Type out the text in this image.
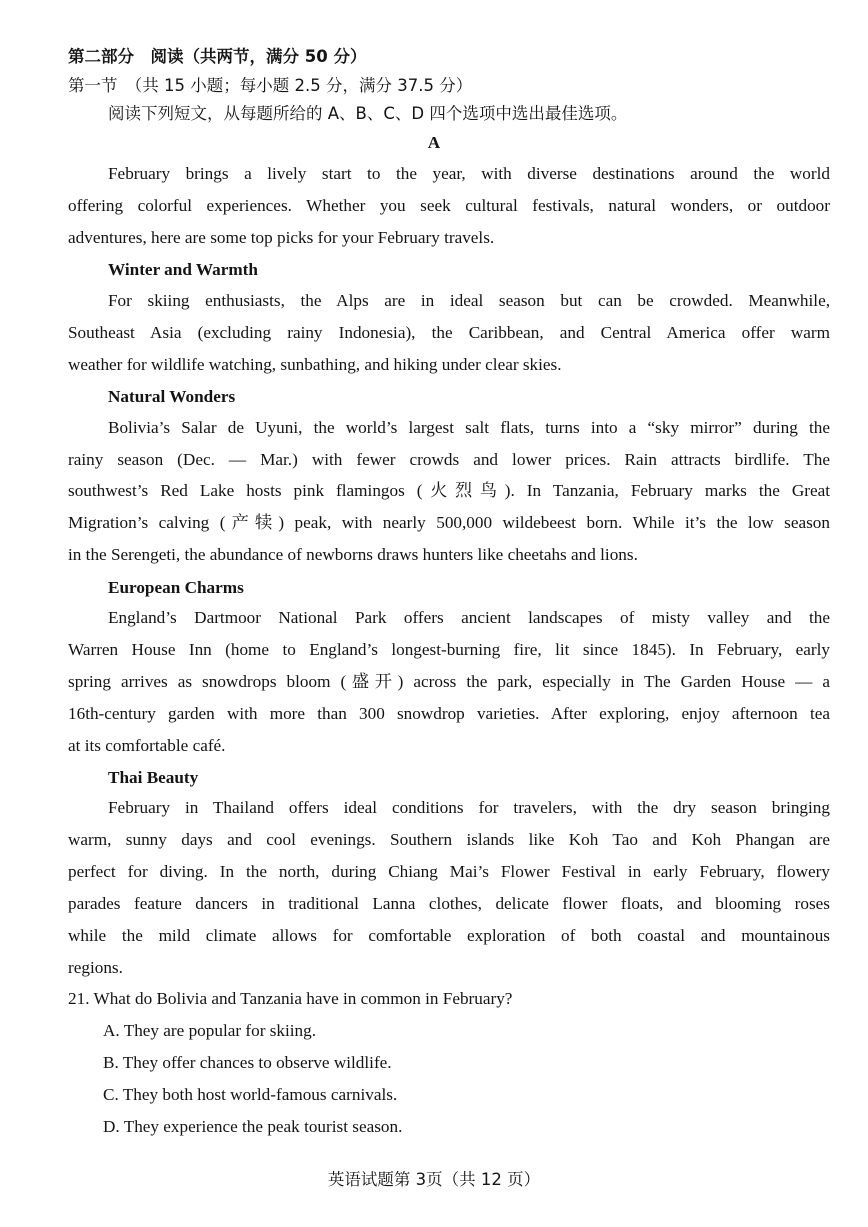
第二部分　阅读（共两节，满分 50 分）
第一节　（共 15 小题；每小题 2.5 分，满分 37.5 分）
阅读下列短文，从每题所给的 A、B、C、D 四个选项中选出最佳选项。
A
February brings a lively start to the year, with diverse destinations around the world
offering colorful experiences. Whether you seek cultural festivals, natural wonders, or outdoor
adventures, here are some top picks for your February travels.
Winter and Warmth
For skiing enthusiasts, the Alps are in ideal season but can be crowded. Meanwhile,
Southeast Asia (excluding rainy Indonesia), the Caribbean, and Central America offer warm
weather for wildlife watching, sunbathing, and hiking under clear skies.
Natural Wonders
Bolivia’s Salar de Uyuni, the world’s largest salt flats, turns into a “sky mirror” during the
rainy season (Dec. — Mar.) with fewer crowds and lower prices. Rain attracts birdlife. The
southwest’s Red Lake hosts pink flamingos (火烈鸟). In Tanzania, February marks the Great
Migration’s calving (产犊) peak, with nearly 500,000 wildebeest born. While it’s the low season
in the Serengeti, the abundance of newborns draws hunters like cheetahs and lions.
European Charms
England’s Dartmoor National Park offers ancient landscapes of misty valley and the
Warren House Inn (home to England’s longest-burning fire, lit since 1845). In February, early
spring arrives as snowdrops bloom (盛开) across the park, especially in The Garden House — a
16th-century garden with more than 300 snowdrop varieties. After exploring, enjoy afternoon tea
at its comfortable café.
Thai Beauty
February in Thailand offers ideal conditions for travelers, with the dry season bringing
warm, sunny days and cool evenings. Southern islands like Koh Tao and Koh Phangan are
perfect for diving. In the north, during Chiang Mai’s Flower Festival in early February, flowery
parades feature dancers in traditional Lanna clothes, delicate flower floats, and blooming roses
while the mild climate allows for comfortable exploration of both coastal and mountainous
regions.
21. What do Bolivia and Tanzania have in common in February?
A. They are popular for skiing.
B. They offer chances to observe wildlife.
C. They both host world-famous carnivals.
D. They experience the peak tourist season.
英语试题第 3页（共 12 页）
